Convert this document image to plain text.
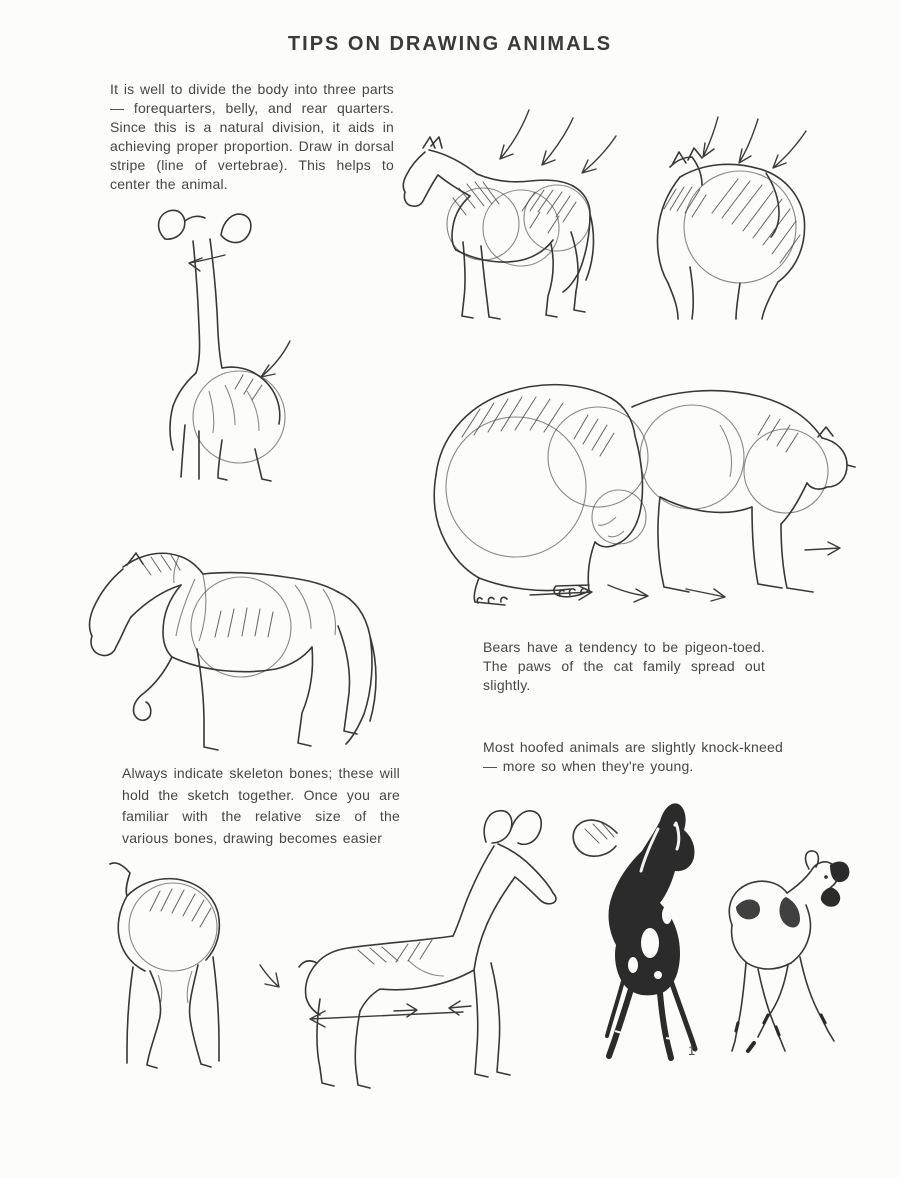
TIPS ON DRAWING ANIMALS

It is well to divide the body into three parts — forequarters, belly, and rear quarters. Since this is a natural division, it aids in achieving proper proportion. Draw in dorsal stripe (line of vertebrae). This helps to center the animal.

Bears have a tendency to be pigeon-toed. The paws of the cat family spread out slightly.

Most hoofed animals are slightly knock-kneed — more so when they're young.

Always indicate skeleton bones; these will hold the sketch together. Once you are familiar with the relative size of the various bones, drawing becomes easier

1
